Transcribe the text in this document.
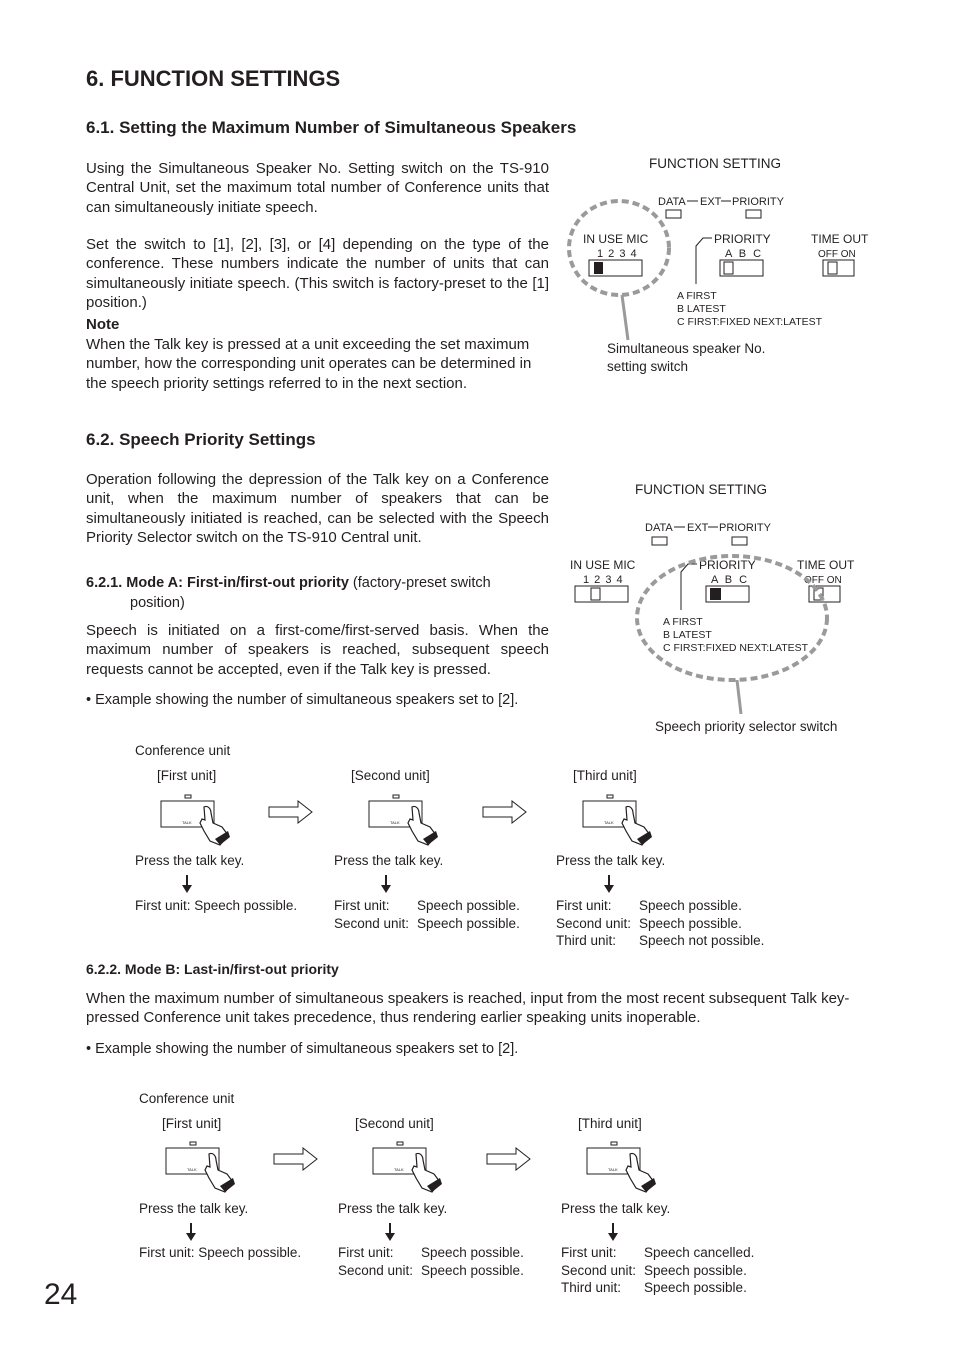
6. FUNCTION SETTINGS
6.1. Setting the Maximum Number of Simultaneous Speakers

Using the Simultaneous Speaker No. Setting switch on the TS-910 Central Unit, set the maximum total number of Conference units that can simultaneously initiate speech.

Set the switch to [1], [2], [3], or [4] depending on the type of the conference. These numbers indicate the number of units that can simultaneously initiate speech. (This switch is factory-preset to the [1] position.)

Note

When the Talk key is pressed at a unit exceeding the set maximum number, how the corresponding unit operates can be determined in the speech priority settings referred to in the next section.

6.2. Speech Priority Settings

Operation following the depression of the Talk key on a Conference unit, when the maximum number of speakers that can be simultaneously initiated is reached, can be selected with the Speech Priority Selector switch on the TS-910 Central unit.

6.2.1. Mode A: First-in/first-out priority (factory-preset switch
position)

Speech is initiated on a first-come/first-served basis. When the maximum number of speakers is reached, subsequent speech requests cannot be accepted, even if the Talk key is pressed.

• Example showing the number of simultaneous speakers set to [2].
6.2.2. Mode B: Last-in/first-out priority

When the maximum number of simultaneous speakers is reached, input from the most recent subsequent Talk key-pressed Conference unit takes precedence, thus rendering earlier speaking units inoperable.

• Example showing the number of simultaneous speakers set to [2].
24
FUNCTION SETTING
DATA EXT PRIORITY
IN USE MIC
1 2 3 4
PRIORITY
A B C
TIME OUT
OFF ON
A FIRST
B LATEST
C FIRST:FIXED NEXT:LATEST
Simultaneous speaker No.
setting switch
FUNCTION SETTING
DATA EXT PRIORITY
IN USE MIC
1 2 3 4
PRIORITY
A B C
TIME OUT
OFF ON
A FIRST
B LATEST
C FIRST:FIXED NEXT:LATEST
Speech priority selector switch
Conference unit
[First unit]
TALK
Press the talk key.
First unit: Speech possible.	
[Second unit]
TALK
Press the talk key.
First unit:	Speech possible.
Second unit:	Speech possible.
[Third unit]
TALK
Press the talk key.
First unit:	Speech possible.
Second unit:	Speech possible.
Third unit:	Speech not possible.
Conference unit
[First unit]
TALK
Press the talk key.
First unit: Speech possible.	
[Second unit]
TALK
Press the talk key.
First unit:	Speech possible.
Second unit:	Speech possible.
[Third unit]
TALK
Press the talk key.
First unit:	Speech cancelled.
Second unit:	Speech possible.
Third unit:	Speech possible.
